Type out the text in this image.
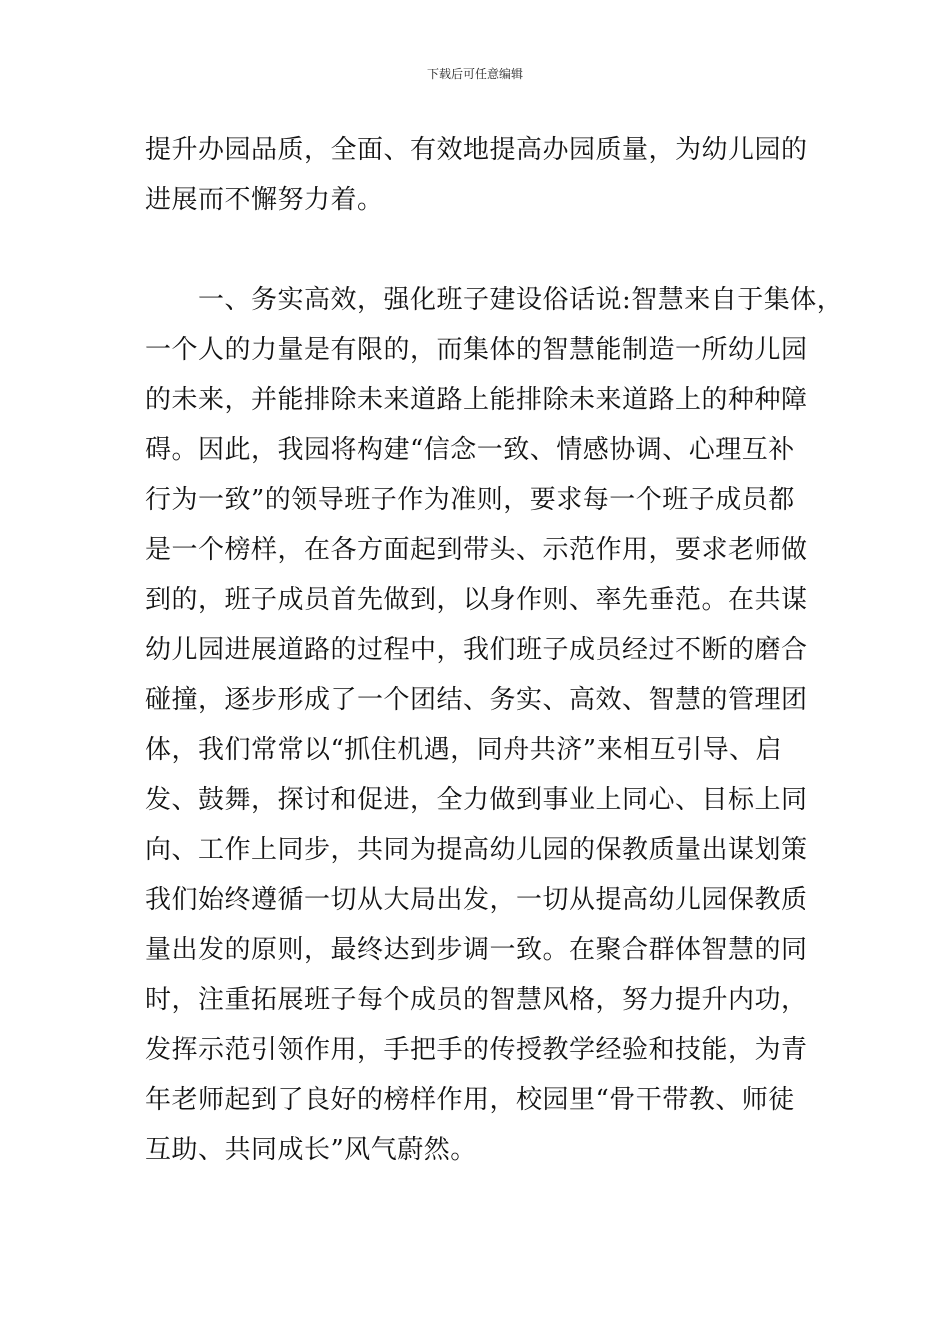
下载后可任意编辑
提升办园品质，全面、有效地提高办园质量，为幼儿园的
进展而不懈努力着。
　　一、务实高效，强化班子建设俗话说:智慧来自于集体，
一个人的力量是有限的，而集体的智慧能制造一所幼儿园
的未来，并能排除未来道路上能排除未来道路上的种种障
碍。因此，我园将构建“信念一致、情感协调、心理互补
行为一致”的领导班子作为准则，要求每一个班子成员都
是一个榜样，在各方面起到带头、示范作用，要求老师做
到的，班子成员首先做到，以身作则、率先垂范。在共谋
幼儿园进展道路的过程中，我们班子成员经过不断的磨合
碰撞，逐步形成了一个团结、务实、高效、智慧的管理团
体，我们常常以“抓住机遇，同舟共济”来相互引导、启
发、鼓舞，探讨和促进，全力做到事业上同心、目标上同
向、工作上同步，共同为提高幼儿园的保教质量出谋划策
我们始终遵循一切从大局出发，一切从提高幼儿园保教质
量出发的原则，最终达到步调一致。在聚合群体智慧的同
时，注重拓展班子每个成员的智慧风格，努力提升内功，
发挥示范引领作用，手把手的传授教学经验和技能，为青
年老师起到了良好的榜样作用，校园里“骨干带教、师徒
互助、共同成长”风气蔚然。
